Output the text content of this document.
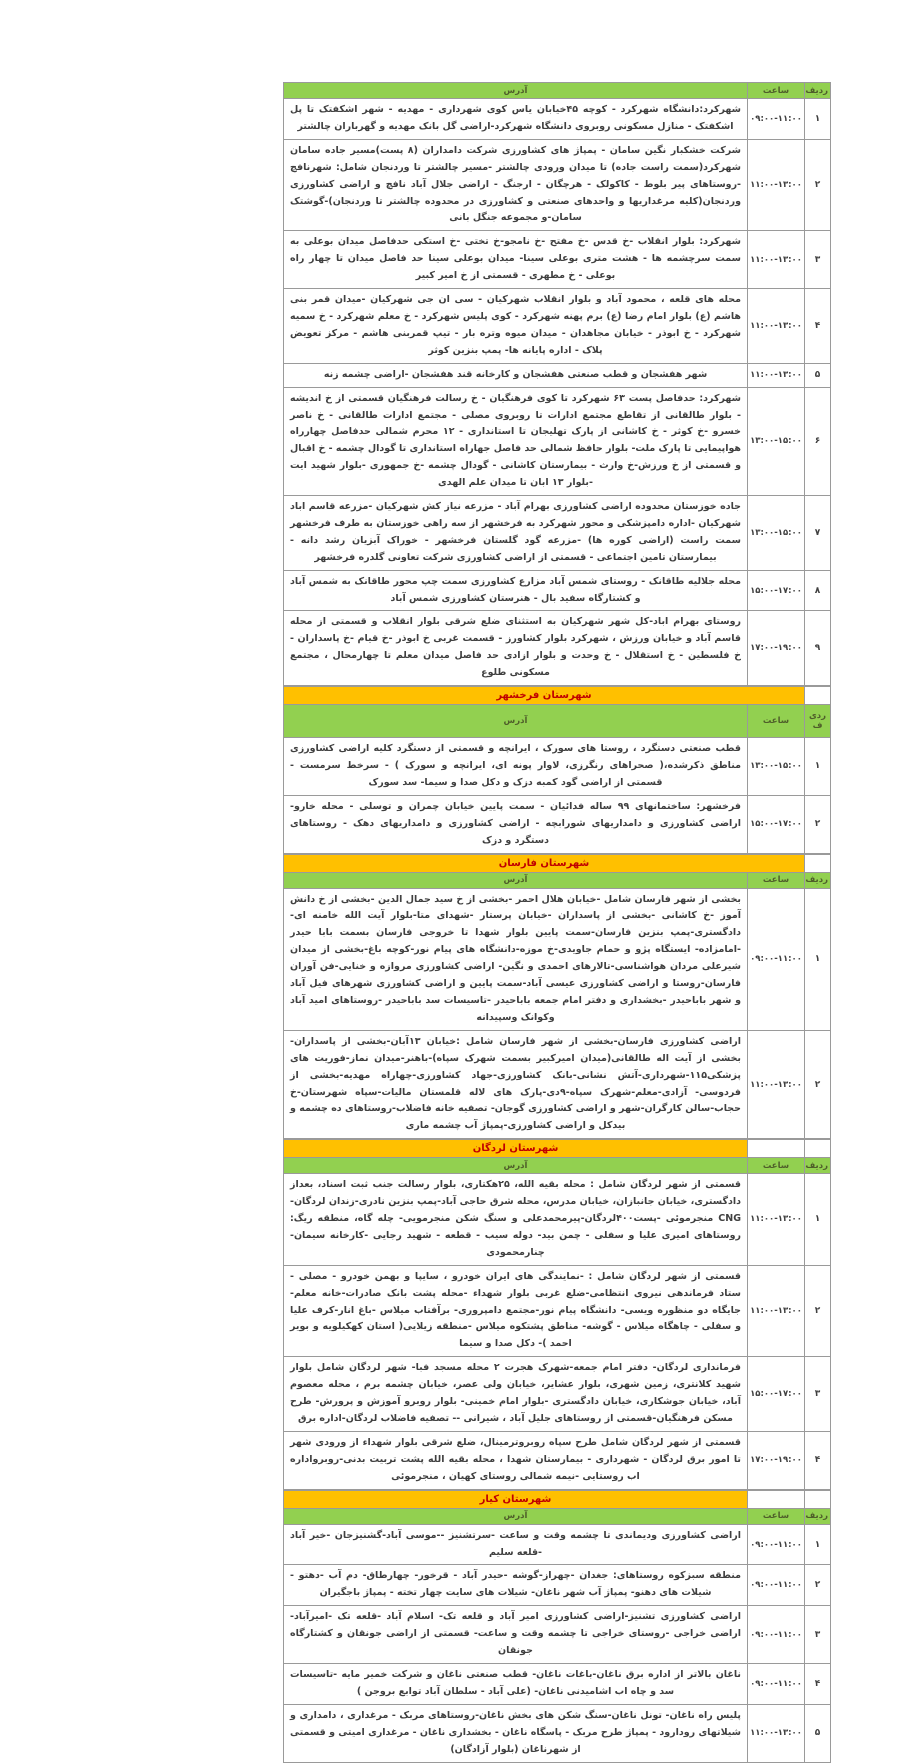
ردیف	ساعت	آدرس
۱	۰۹:۰۰-۱۱:۰۰	شهرکرد:دانشگاه شهرکرد - کوچه ۴۵خیابان یاس کوی شهرداری - مهدیه - شهر اشکفتک تا پل اشکفتک - منازل مسکونی روبروی دانشگاه شهرکرد-اراضی گل بانک مهدیه و گهرباران چالشتر
۲	۱۱:۰۰-۱۳:۰۰	شرکت خشکبار نگین سامان - پمپاژ های کشاورزی شرکت دامداران (۸ پست)مسیر جاده سامان شهرکرد(سمت راست جاده) تا میدان ورودی چالشتر -مسیر چالشتر تا وردنجان شامل: شهرنافچ -روستاهای پیر بلوط - کاکولک - هرچگان - ارجنگ - اراضی جلال آباد نافچ و اراضی کشاورزی وردنجان(کلیه مرغداریها و واحدهای صنعتی و کشاورزی در محدوده چالشتر تا وردنجان)-گوشتک سامان-و مجموعه جنگل بانی
۳	۱۱:۰۰-۱۳:۰۰	شهرکرد: بلوار انقلاب -خ قدس -خ مفتح -خ نامجو-خ تختی -خ استکی حدفاصل میدان بوعلی به سمت سرچشمه ها - هشت متری بوعلی سینا- میدان بوعلی سینا حد فاصل میدان تا چهار راه بوعلی - خ مطهری - قسمتی از خ امیر کبیر
۴	۱۱:۰۰-۱۳:۰۰	محله های قلعه ، محمود آباد و بلوار انقلاب شهرکیان - سی ان جی شهرکیان -میدان قمر بنی هاشم (ع) بلوار امام رضا (ع) برم پهنه شهرکرد - کوی پلیس شهرکرد - خ معلم شهرکرد - خ سمیه شهرکرد - خ ابوذر - خیابان مجاهدان - میدان میوه وتره بار - تیپ قمربنی هاشم - مرکز تعویض پلاک - اداره پایانه ها- پمپ بنزین کوثر
۵	۱۱:۰۰-۱۳:۰۰	شهر هفشجان و قطب صنعتی هفشجان و کارخانه قند هفشجان -اراضی چشمه زنه
۶	۱۳:۰۰-۱۵:۰۰	شهرکرد: حدفاصل پست ۶۳ شهرکرد تا کوی فرهنگیان - خ رسالت فرهنگیان قسمتی از خ اندیشه - بلوار طالقانی از تقاطع مجتمع ادارات تا روبروی مصلی - مجتمع ادارات طالقانی - خ ناصر خسرو -خ کوثر - خ کاشانی از پارک تهلیجان تا استانداری - ۱۲ محرم شمالی حدفاصل چهارراه هواپیمایی تا پارک ملت- بلوار حافظ شمالی حد فاصل جهاراه استانداری تا گودال چشمه - خ اقبال و قسمتی از خ ورزش-خ وارث - بیمارستان کاشانی - گودال چشمه -خ جمهوری -بلوار شهید ایت -بلوار ۱۳ ابان تا میدان علم الهدی
۷	۱۳:۰۰-۱۵:۰۰	جاده خوزستان محدوده اراضی کشاورزی بهرام آباد - مزرعه نیاز کش شهرکیان -مزرعه قاسم اباد شهرکیان -اداره دامپزشکی و محور شهرکرد به فرخشهر از سه راهی خوزستان به طرف فرخشهر سمت راست (اراضی کوره ها) -مزرعه گود گلستان فرخشهر - خوراک آبزیان رشد دانه - بیمارستان تامین اجتماعی - قسمتی از اراضی کشاورزی شرکت تعاونی گلدره فرخشهر
۸	۱۵:۰۰-۱۷:۰۰	محله جلالیه طاقانک - روستای شمس آباد مزارع کشاورزی سمت چپ محور طاقانک به شمس آباد و کشتارگاه سفید بال - هنرستان کشاورزی شمس آباد
۹	۱۷:۰۰-۱۹:۰۰	روستای بهرام اباد-کل شهر شهرکیان به استثنای ضلع شرقی بلوار انقلاب و قسمتی از محله قاسم آباد و خیابان ورزش ، شهرکرد بلوار کشاورز - قسمت غربی خ ابوذر -خ قیام -خ پاسداران - خ فلسطین - خ استقلال - خ وحدت و بلوار ازادی حد فاصل میدان معلم تا چهارمحال ، مجتمع مسکونی طلوع
	شهرستان فرخشهر	
ردی ف	ساعت	آدرس
۱	۱۳:۰۰-۱۵:۰۰	قطب صنعتی دستگرد ، روستا های سورک ، ایرانچه و قسمتی از دستگرد کلیه اراضی کشاورزی مناطق ذکرشده،( صحراهای رنگرزی، لاوار پونه ای، ایرانچه و سورک ) - سرخط سرمست - قسمتی از اراضی گود کمبه دزک و دکل صدا و سیما- سد سورک
۲	۱۵:۰۰-۱۷:۰۰	فرخشهر: ساختمانهای ۹۹ ساله فدائیان - سمت پایین خیابان چمران و توسلی - محله خارو- اراضی کشاورزی و دامداریهای شورابچه - اراضی کشاورزی و دامداریهای دهک - روستاهای دستگرد و دزک
	شهرستان فارسان	
ردیف	ساعت	آدرس
۱	۰۹:۰۰-۱۱:۰۰	بخشی از شهر فارسان شامل -خیابان هلال احمر -بخشی از خ سید جمال الدین -بخشی از خ دانش آموز -خ کاشانی -بخشی از پاسداران -خیابان پرستار -شهدای متا-بلوار آیت الله خامنه ای-دادگستری-پمپ بنزین فارسان-سمت پایین بلوار شهدا تا خروجی فارسان بسمت بابا حیدر -امامزاده- ایستگاه پژو و حمام جاویدی-خ موزه-دانشگاه های پیام نور-کوچه باغ-بخشی از میدان شیرعلی مردان هواشناسی-تالارهای احمدی و نگین- اراضی کشاورزی مروازه و خنایی-فن آوران فارسان-روستا و اراضی کشاورزی عیسی آباد-سمت پایین و اراضی کشاورزی شهرهای فیل آباد و شهر باباحیدر -بخشداری و دفتر امام جمعه باباحیدر -تاسیسات سد باباحیدر -روستاهای امید آباد وکوانک وسپیدانه
۲	۱۱:۰۰-۱۳:۰۰	اراضی کشاورزی فارسان-بخشی از شهر فارسان شامل :خیابان ۱۳آبان-بخشی از پاسداران-بخشی از آیت اله طالقانی(میدان امیرکبیر بسمت شهرک سپاه)-باهنر-میدان نماز-فوریت های پزشکی۱۱۵-شهرداری-آتش نشانی-بانک کشاورزی-جهاد کشاورزی-چهاراه مهدیه-بخشی از فردوسی- آزادی-معلم-شهرک سپاه-۹دی-پارک های لاله قلمستان مالیات-سپاه شهرستان-خ حجاب-سالن کارگران-شهر و اراضی کشاورزی گوجان- تصفیه خانه فاضلاب-روستاهای ده چشمه و بیدکل و اراضی کشاورزی-پمپاژ آب چشمه ماری
		شهرستان لردگان
ردیف	ساعت	آدرس
۱	۱۱:۰۰-۱۳:۰۰	قسمتی از شهر لردگان شامل : محله بقیه الله، ۲۵هکتاری، بلوار رسالت جنب ثبت اسناد، بعداز دادگستری، خیابان جانبازان، خیابان مدرس، محله شرق حاجی آباد-پمپ بنزین نادری-زندان لردگان- CNG منجرموئی -پست۴۰۰لردگان-پیرمحمدعلی و سنگ شکن منجرمویی- چله گاه، منطقه ریگ: روستاهای امیری علیا و سفلی - چمن بید- دوله سیب - قطعه - شهید رجایی -کارخانه سیمان-چنارمحمودی
۲	۱۱:۰۰-۱۳:۰۰	قسمتی از شهر لردگان شامل : -نمایندگی های ایران خودرو ، سایپا و بهمن خودرو - مصلی - ستاد فرماندهی نیروی انتظامی-ضلع غربی بلوار شهداء -محله پشت بانک صادرات-خانه معلم-جایگاه دو منظوره ویسی- دانشگاه پیام نور-مجتمع دامپروری- برآفتاب میلاس -باغ انار-کرف علیا و سفلی - چاهگاه میلاس - گوشه- مناطق پشتکوه میلاس -منطقه زیلایی( استان کهکیلویه و بویر احمد )- دکل صدا و سیما
۳	۱۵:۰۰-۱۷:۰۰	فرمانداری لردگان- دفتر امام جمعه-شهرک هجرت ۲ محله مسجد فبا- شهر لردگان شامل بلوار شهید کلانتری، زمین شهری، بلوار عشایر، خیابان ولی عصر، خیابان چشمه برم ، محله معصوم آباد، خیابان جوشکاری، خیابان دادگستری -بلوار امام خمینی- بلوار روبرو آموزش و پرورش- طرح مسکن فرهنگیان-قسمتی از روستاهای جلیل آباد ، شیرانی -- تصفیه فاضلاب لردگان-اداره برق
۴	۱۷:۰۰-۱۹:۰۰	قسمتی از شهر لردگان شامل طرح سپاه روبروترمینال، ضلع شرقی بلوار شهداء از ورودی شهر تا امور برق لردگان - شهرداری - بیمارستان شهدا ، محله بقیه الله پشت تربیت بدنی-روبرواداره اب روستایی -نیمه شمالی روستای کهیان ، منجرموئی
		شهرستان کیار
ردیف	ساعت	آدرس
۱	۰۹:۰۰-۱۱:۰۰	اراضی کشاورزی ودیماندی تا چشمه وقت و ساعت -سرتشنیز --موسی آباد-گشنیزجان -خیر آباد -قلعه سلیم
۲	۰۹:۰۰-۱۱:۰۰	منطقه سبزکوه روستاهای: جغدان -چهراز-گوشه -حیدر آباد - قرخور- چهارطاق- دم آب -دهتو - شیلات های دهنو- پمپاژ آب شهر ناغان- شیلات های سایت چهار تخته - پمپاژ باجگیران
۳	۰۹:۰۰-۱۱:۰۰	اراضی کشاورزی تشنیز-اراضی کشاورزی امیر آباد و قلعه تک- اسلام آباد -قلعه تک -امیرآباد- اراضی خراجی -روستای خراجی تا چشمه وقت و ساعت- قسمتی از اراضی جونقان و کشتارگاه جونقان
۴	۰۹:۰۰-۱۱:۰۰	ناغان بالاتر از اداره برق ناغان-باغات ناغان- قطب صنعتی ناغان و شرکت خمیر مایه -تاسیسات سد و چاه اب اشامیدنی ناغان- (علی آباد - سلطان آباد توابع بروجن )
۵	۱۱:۰۰-۱۳:۰۰	پلیس راه ناغان- تونل ناغان-سنگ شکن های بخش ناغان-روستاهای مربک - مرغداری ، دامداری و شیلاتهای رودارود - پمپاژ طرح مربک - پاسگاه ناغان - بخشداری ناغان - مرغداری امیتی و قسمتی از شهرناغان (بلوار آزادگان)
